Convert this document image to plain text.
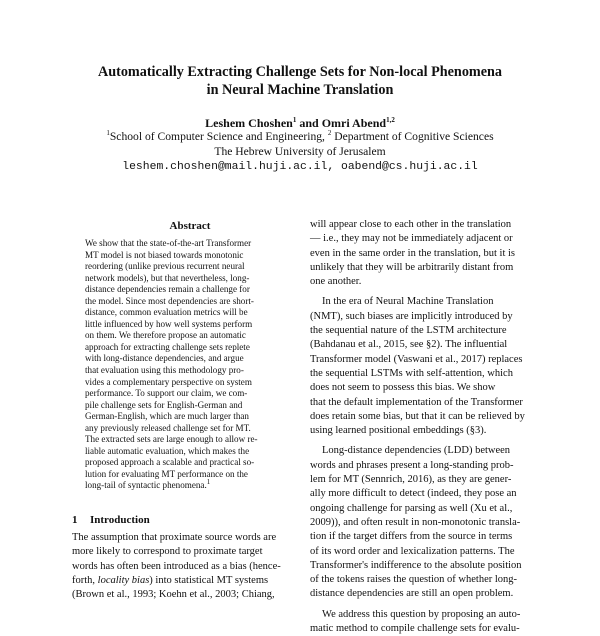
Automatically Extracting Challenge Sets for Non-local Phenomena
in Neural Machine Translation
Leshem Choshen$^1$ and Omri Abend$^{1,2}$
$^1$School of Computer Science and Engineering, $^2$ Department of Cognitive Sciences
The Hebrew University of Jerusalem
leshem.choshen@mail.huji.ac.il, oabend@cs.huji.ac.il
Abstract
We show that the state-of-the-art Transformer
MT model is not biased towards monotonic
reordering (unlike previous recurrent neural
network models), but that nevertheless, long-
distance dependencies remain a challenge for
the model. Since most dependencies are short-
distance, common evaluation metrics will be
little influenced by how well systems perform
on them. We therefore propose an automatic
approach for extracting challenge sets replete
with long-distance dependencies, and argue
that evaluation using this methodology pro-
vides a complementary perspective on system
performance. To support our claim, we com-
pile challenge sets for English-German and
German-English, which are much larger than
any previously released challenge set for MT.
The extracted sets are large enough to allow re-
liable automatic evaluation, which makes the
proposed approach a scalable and practical so-
lution for evaluating MT performance on the
long-tail of syntactic phenomena.$^1$
1 Introduction
The assumption that proximate source words are
more likely to correspond to proximate target
words has often been introduced as a bias (hence-
forth, locality bias) into statistical MT systems
(Brown et al., 1993; Koehn et al., 2003; Chiang,
will appear close to each other in the translation
— i.e., they may not be immediately adjacent or
even in the same order in the translation, but it is
unlikely that they will be arbitrarily distant from
one another.
In the era of Neural Machine Translation
(NMT), such biases are implicitly introduced by
the sequential nature of the LSTM architecture
(Bahdanau et al., 2015, see §2). The influential
Transformer model (Vaswani et al., 2017) replaces
the sequential LSTMs with self-attention, which
does not seem to possess this bias. We show
that the default implementation of the Transformer
does retain some bias, but that it can be relieved by
using learned positional embeddings (§3).
Long-distance dependencies (LDD) between
words and phrases present a long-standing prob-
lem for MT (Sennrich, 2016), as they are gener-
ally more difficult to detect (indeed, they pose an
ongoing challenge for parsing as well (Xu et al.,
2009)), and often result in non-monotonic transla-
tion if the target differs from the source in terms
of its word order and lexicalization patterns. The
Transformer's indifference to the absolute position
of the tokens raises the question of whether long-
distance dependencies are still an open problem.
We address this question by proposing an auto-
matic method to compile challenge sets for evalu-
